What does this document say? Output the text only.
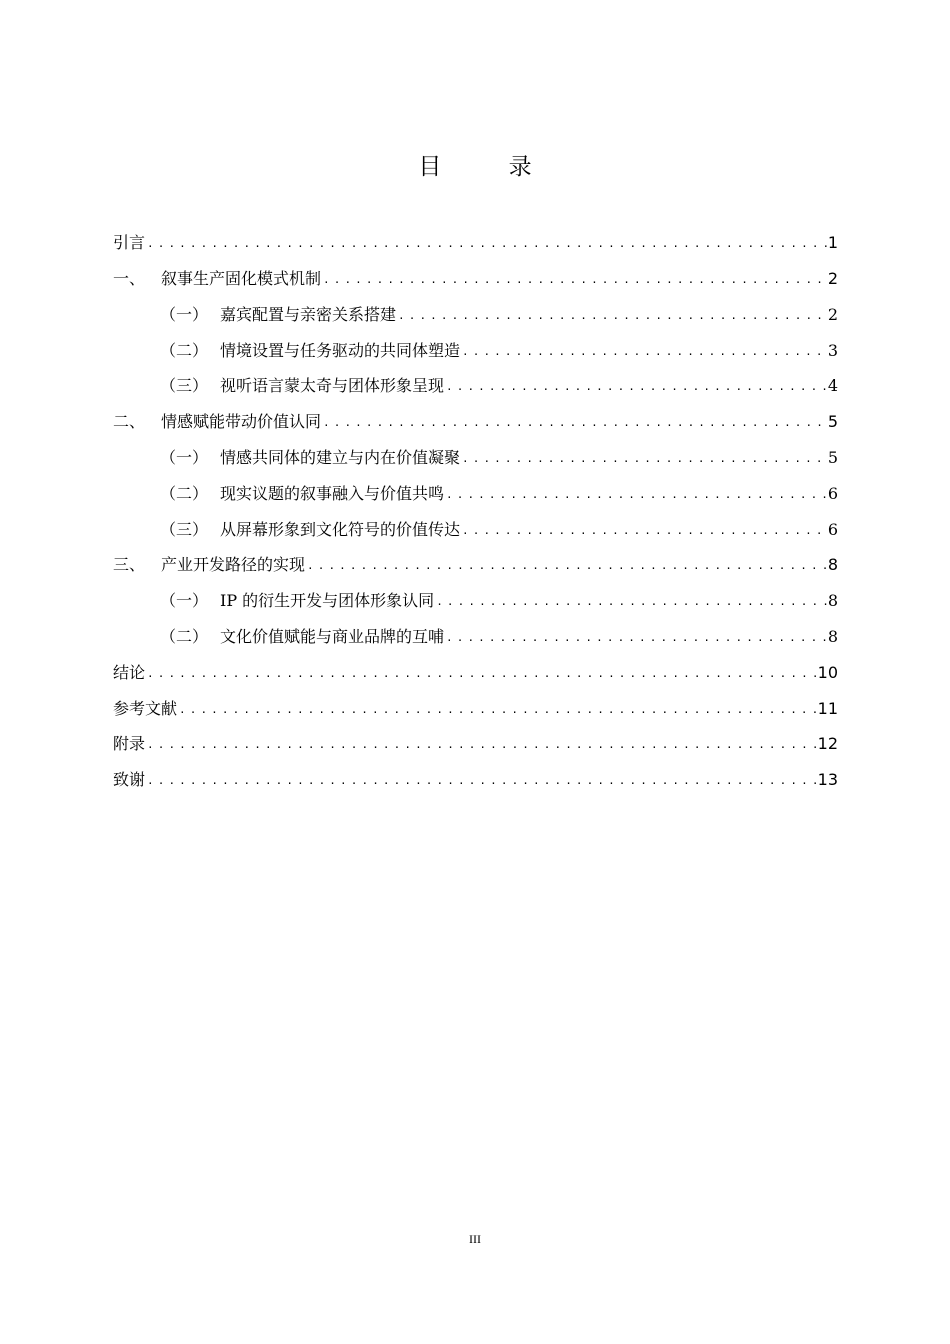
目 录
引言 .....	1
一、 叙事生产固化模式机制 .....	2
（一） 嘉宾配置与亲密关系搭建 .....	2
（二） 情境设置与任务驱动的共同体塑造 .....	3
（三） 视听语言蒙太奇与团体形象呈现 .....	4
二、 情感赋能带动价值认同 .....	5
（一） 情感共同体的建立与内在价值凝聚 .....	5
（二） 现实议题的叙事融入与价值共鸣 .....	6
（三） 从屏幕形象到文化符号的价值传达 .....	6
三、 产业开发路径的实现 .....	8
（一） IP 的衍生开发与团体形象认同 .....	8
（二） 文化价值赋能与商业品牌的互哺 .....	8
结论 .....	10
参考文献 .....	11
附录 .....	12
致谢 .....	13
III
